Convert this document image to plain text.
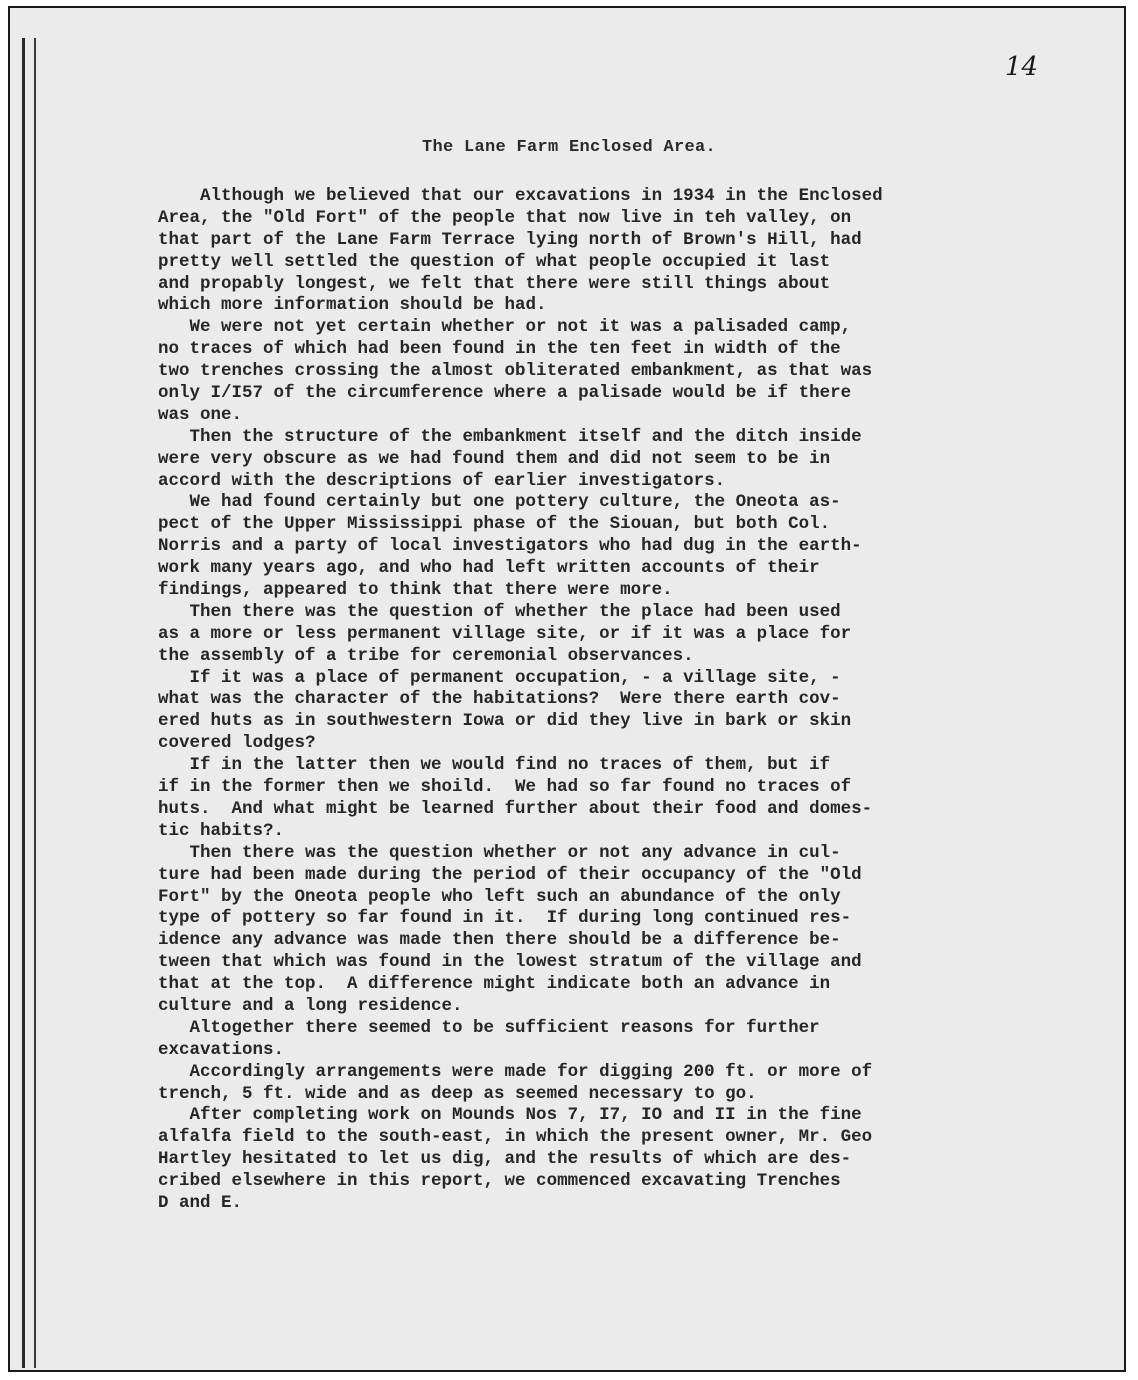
14
The Lane Farm Enclosed Area.
Although we believed that our excavations in 1934 in the Enclosed
Area, the "Old Fort" of the people that now live in teh valley, on
that part of the Lane Farm Terrace lying north of Brown's Hill, had
pretty well settled the question of what people occupied it last
and propably longest, we felt that there were still things about
which more information should be had.
We were not yet certain whether or not it was a palisaded camp,
no traces of which had been found in the ten feet in width of the
two trenches crossing the almost obliterated embankment, as that was
only I/I57 of the circumference where a palisade would be if there
was one.
Then the structure of the embankment itself and the ditch inside
were very obscure as we had found them and did not seem to be in
accord with the descriptions of earlier investigators.
We had found certainly but one pottery culture, the Oneota as-
pect of the Upper Mississippi phase of the Siouan, but both Col.
Norris and a party of local investigators who had dug in the earth-
work many years ago, and who had left written accounts of their
findings, appeared to think that there were more.
Then there was the question of whether the place had been used
as a more or less permanent village site, or if it was a place for
the assembly of a tribe for ceremonial observances.
If it was a place of permanent occupation, - a village site, -
what was the character of the habitations?  Were there earth cov-
ered huts as in southwestern Iowa or did they live in bark or skin
covered lodges?
If in the latter then we would find no traces of them, but if
if in the former then we shoild.  We had so far found no traces of
huts.  And what might be learned further about their food and domes-
tic habits?.
Then there was the question whether or not any advance in cul-
ture had been made during the period of their occupancy of the "Old
Fort" by the Oneota people who left such an abundance of the only
type of pottery so far found in it.  If during long continued res-
idence any advance was made then there should be a difference be-
tween that which was found in the lowest stratum of the village and
that at the top.  A difference might indicate both an advance in
culture and a long residence.
Altogether there seemed to be sufficient reasons for further
excavations.
Accordingly arrangements were made for digging 200 ft. or more of
trench, 5 ft. wide and as deep as seemed necessary to go.
After completing work on Mounds Nos 7, I7, IO and II in the fine
alfalfa field to the south-east, in which the present owner, Mr. Geo
Hartley hesitated to let us dig, and the results of which are des-
cribed elsewhere in this report, we commenced excavating Trenches
D and E.
